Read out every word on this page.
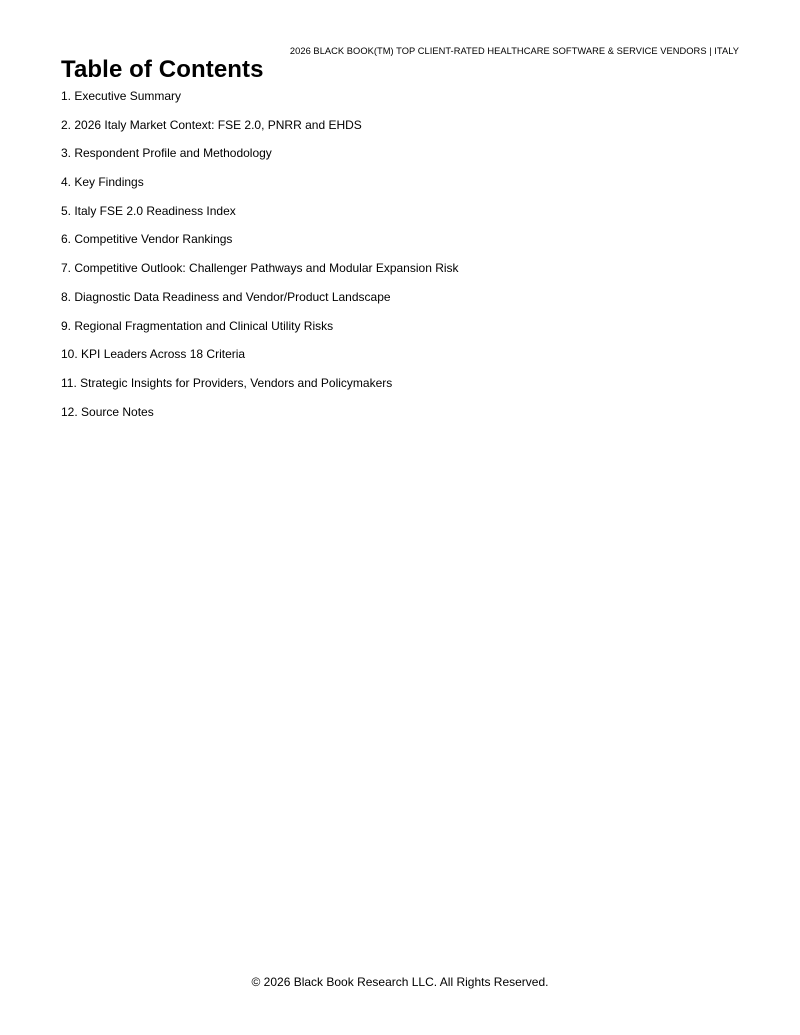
2026 BLACK BOOK(TM) TOP CLIENT-RATED HEALTHCARE SOFTWARE & SERVICE VENDORS | ITALY
Table of Contents
1. Executive Summary
2. 2026 Italy Market Context: FSE 2.0, PNRR and EHDS
3. Respondent Profile and Methodology
4. Key Findings
5. Italy FSE 2.0 Readiness Index
6. Competitive Vendor Rankings
7. Competitive Outlook: Challenger Pathways and Modular Expansion Risk
8. Diagnostic Data Readiness and Vendor/Product Landscape
9. Regional Fragmentation and Clinical Utility Risks
10. KPI Leaders Across 18 Criteria
11. Strategic Insights for Providers, Vendors and Policymakers
12. Source Notes
© 2026 Black Book Research LLC. All Rights Reserved.
